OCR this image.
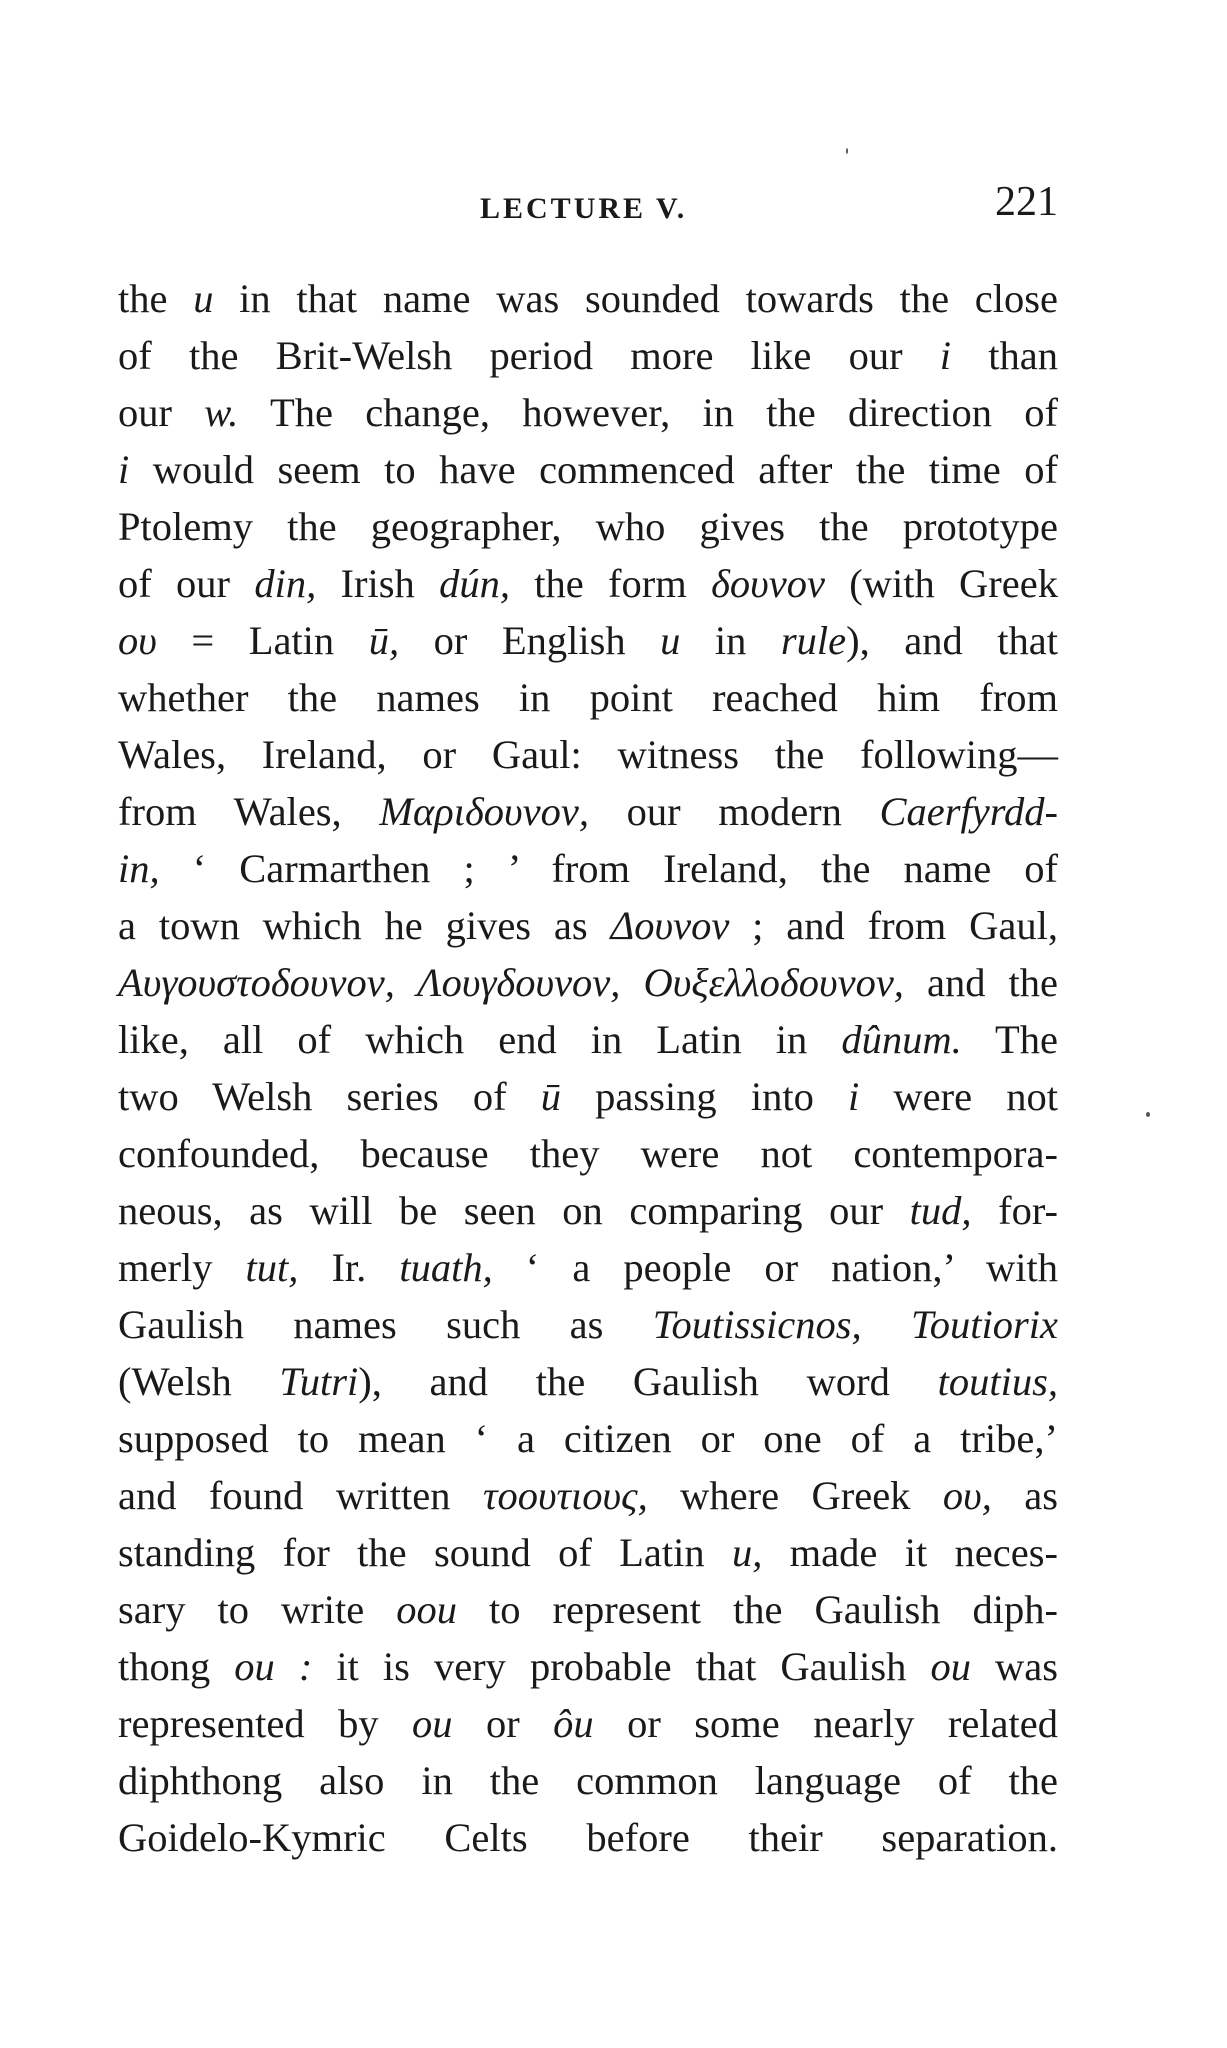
LECTURE V.	221
the u in that name was sounded towards the close
of the Brit-Welsh period more like our i than
our w. The change, however, in the direction of
i would seem to have commenced after the time of
Ptolemy the geographer, who gives the prototype
of our din, Irish dún, the form δουνον (with Greek
ου = Latin ū, or English u in rule), and that
whether the names in point reached him from
Wales, Ireland, or Gaul: witness the following—
from Wales, Μαριδουνον, our modern Caerfyrdd-
in, ‘ Carmarthen ; ’ from Ireland, the name of
a town which he gives as Δουνον ; and from Gaul,
Αυγουστοδουνον, Λουγδουνον, Ουξελλοδουνον, and the
like, all of which end in Latin in dûnum. The
two Welsh series of ū passing into i were not
confounded, because they were not contempora-
neous, as will be seen on comparing our tud, for-
merly tut, Ir. tuath, ‘ a people or nation,’ with
Gaulish names such as Toutissicnos, Toutiorix
(Welsh Tutri), and the Gaulish word toutius,
supposed to mean ‘ a citizen or one of a tribe,’
and found written τοουτιους, where Greek ου, as
standing for the sound of Latin u, made it neces-
sary to write oou to represent the Gaulish diph-
thong ou : it is very probable that Gaulish ou was
represented by ou or ôu or some nearly related
diphthong also in the common language of the
Goidelo-Kymric Celts before their separation.
